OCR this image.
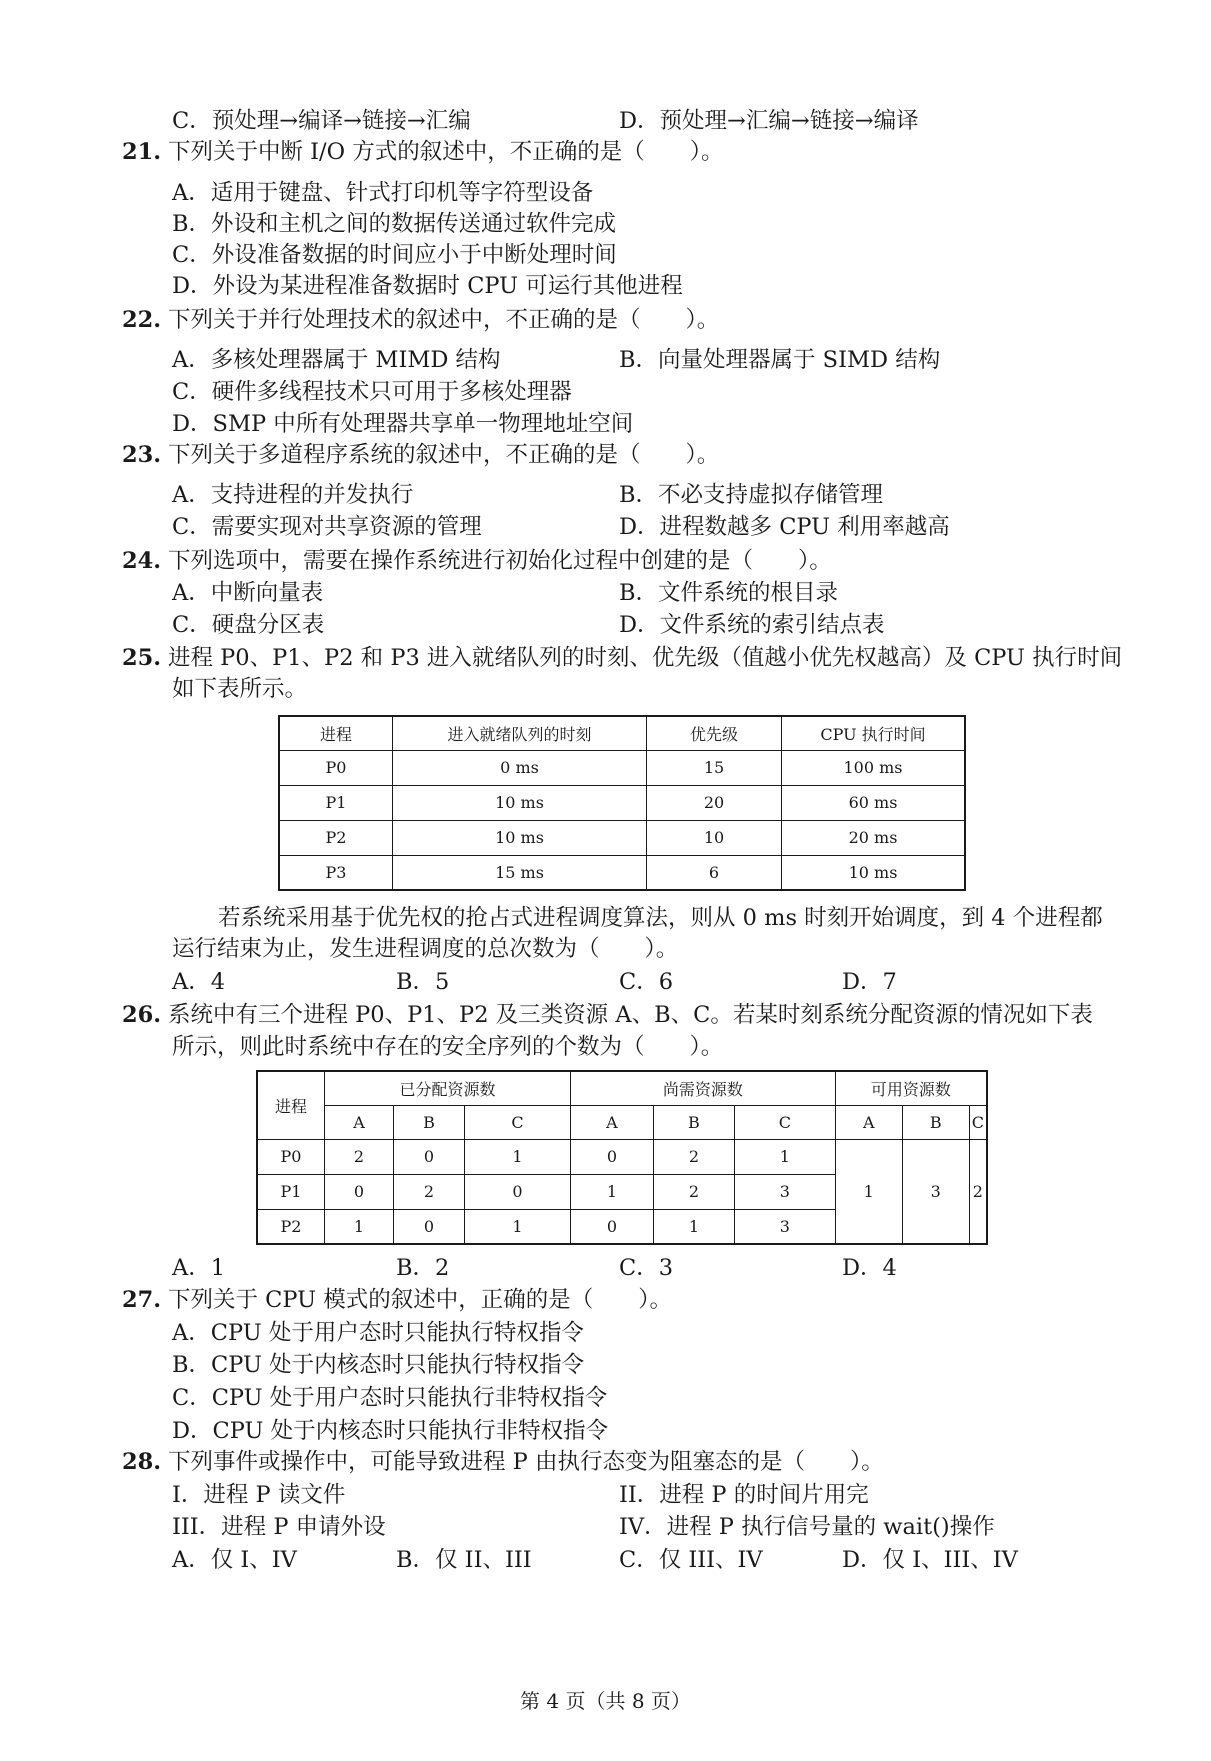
C．预处理→编译→链接→汇编	D．预处理→汇编→链接→编译
21. 下列关于中断 I/O 方式的叙述中，不正确的是（　　）。
A．适用于键盘、针式打印机等字符型设备
B．外设和主机之间的数据传送通过软件完成
C．外设准备数据的时间应小于中断处理时间
D．外设为某进程准备数据时 CPU 可运行其他进程
22. 下列关于并行处理技术的叙述中，不正确的是（　　）。
A．多核处理器属于 MIMD 结构	B．向量处理器属于 SIMD 结构
C．硬件多线程技术只可用于多核处理器
D．SMP 中所有处理器共享单一物理地址空间
23. 下列关于多道程序系统的叙述中，不正确的是（　　）。
A．支持进程的并发执行	B．不必支持虚拟存储管理
C．需要实现对共享资源的管理	D．进程数越多 CPU 利用率越高
24. 下列选项中，需要在操作系统进行初始化过程中创建的是（　　）。
A．中断向量表	B．文件系统的根目录
C．硬盘分区表	D．文件系统的索引结点表
25. 进程 P0、P1、P2 和 P3 进入就绪队列的时刻、优先级（值越小优先权越高）及 CPU 执行时间
如下表所示。
进程	进入就绪队列的时刻	优先级	CPU 执行时间
P0	0 ms	15	100 ms
P1	10 ms	20	60 ms
P2	10 ms	10	20 ms
P3	15 ms	6	10 ms
若系统采用基于优先权的抢占式进程调度算法，则从 0 ms 时刻开始调度，到 4 个进程都
运行结束为止，发生进程调度的总次数为（　　）。
A．4	B．5	C．6	D．7
26. 系统中有三个进程 P0、P1、P2 及三类资源 A、B、C。若某时刻系统分配资源的情况如下表
所示，则此时系统中存在的安全序列的个数为（　　）。
进程	已分配资源数			尚需资源数			可用资源数		
	A	B	C	A	B	C	A	B	C
P0	2	0	1	0	2	1	1	3	2
P1	0	2	0	1	2	3			
P2	1	0	1	0	1	3			
A．1	B．2	C．3	D．4
27. 下列关于 CPU 模式的叙述中，正确的是（　　）。
A．CPU 处于用户态时只能执行特权指令
B．CPU 处于内核态时只能执行特权指令
C．CPU 处于用户态时只能执行非特权指令
D．CPU 处于内核态时只能执行非特权指令
28. 下列事件或操作中，可能导致进程 P 由执行态变为阻塞态的是（　　）。
I．进程 P 读文件	II．进程 P 的时间片用完
III．进程 P 申请外设	IV．进程 P 执行信号量的 wait()操作
A．仅 I、IV	B．仅 II、III	C．仅 III、IV	D．仅 I、III、IV
第 4 页（共 8 页）
